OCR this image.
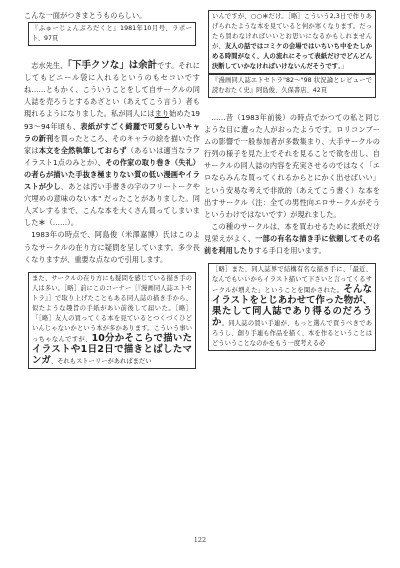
こんな一面がつきまとうものらしい。
『ふゅーじょんぷろだくと』1981年10月号、ラポート、97頁
志水先生、「下手クソな」は余計です。それにしてもビニール袋に入れるというのもセコいですね……ともかく、こういうことをして自サークルの同人誌を売ろうとするあざとい（あえてこう言う）者も現れるようになりました。私が同人にはまり始めた1993〜94年頃も、表紙がすごく綺麗で可愛らしいキャラの新刊を買ったところ、そのキャラの絵を描いた作家は本文を全然執筆しておらず（あるいは適当なラフイラスト1点のみとか）、その作家の取り巻き（失礼）の者らが描いた手抜き極まりない質の低い漫画やイラストが少し、あとは汚い手書きの字のフリートークや穴埋めの意味のない本" だったことがありました。同人ズレするまで、こんな本を大くさん買ってしまいました＊（……）。
1983年の時点で、阿島俊（米澤嘉博）氏はこのようなサークルの在り方に疑問を呈しています。多少長くなりますが、重要な点なので引用します。
また、サークルの在り方にも疑問を感じている描き手の人は多い。［略］前にこのコーナー［『漫画同人誌エトセトラ』］で取り上げたこともある同人誌の描き手から、似たような趣旨の手紙があい前後して届いた。［略］「［略］友人の買ってくる本を見ているとつくづくひどいんじゃないかという本が多かあります。こういう事いっちゃなんですが、10分かそこらで描いたイラストや1日2日で描きとばしたマンガ、それもストーリーがあればまだい
いんですが、○○＊だけ。［略］こういう2,3日で作りあげられたような本を見ていると何か寒くなります。だったら買わなければいいとお思いになるかもしれませんが、友人の話ではコミケの会場ではいちいち中をたしかめる時間がなく、人の流れにそって表紙だけでどんどん決断していかなければいけないんだそうです。」
『漫画同人誌エトセトラ"82〜"98 状況論とレビューで読むおたく史』阿島俊、久保書店、42頁
……昔（1983年前後）の時点でかつての私と同じような目に遭った人がおったようです。ロリコンブームの影響で一般参加者が多数集まり、大手サークルの行列の様子を見た上でそれを見ることで欲を出し、自サークルの同人誌の内容を充実させるのではなく「エロならみんな買ってくれるからとにかく出せばいい」という安易な考えで非欲的（あえてこう書く）な本を出すサークル（注：全ての男性向エロサークルがそうというわけではないです）が現れました。
この種のサークルは、本を買わせるために表紙だけ見栄えがよく、一部の有名な描き手に依頼してその名前を利用したりする手口を用います。
［略］また、同人誌界で結構有名な描き手に、「最近、なんでもいいからイラスト描いて下さいと言ってくるサークルが増えた」ということを聞かされた。そんなイラストをとじあわせて作った物が、果たして同人誌であり得るのだろうか。同人誌の買い手連が、もっと選んで買うべきであろうし、創り手連も作品を描く、本を作るということはどういうことなのかをもう一度考える必
122
